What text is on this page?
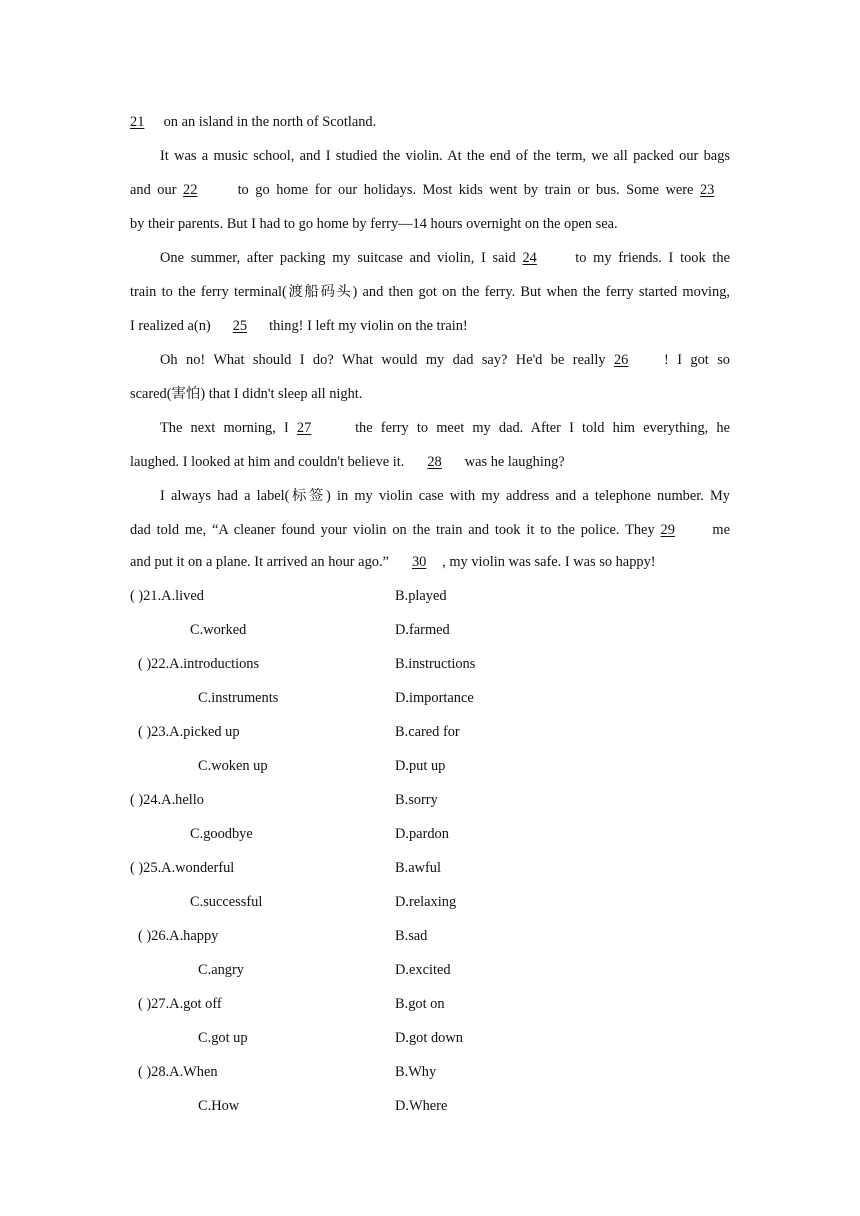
21 on an island in the north of Scotland.
It was a music school, and I studied the violin. At the end of the term, we all packed our bags
and our 22	to go home for our holidays. Most kids went by train or bus. Some were 23
by their parents. But I had to go home by ferry—14 hours overnight on the open sea.
One summer, after packing my suitcase and violin, I said 24	to my friends. I took the
train to the ferry terminal(渡船码头) and then got on the ferry. But when the ferry started moving,
I realized a(n) 25 thing! I left my violin on the train!
Oh no! What should I do? What would my dad say? He'd be really 26 ! I got so
scared(害怕) that I didn't sleep all night.
The next morning, I 27	the ferry to meet my dad. After I told him everything, he
laughed. I looked at him and couldn't believe it. 28 was he laughing?
I always had a label(标签) in my violin case with my address and a telephone number. My
dad told me, “A cleaner found your violin on the train and took it to the police. They 29	me
and put it on a plane. It arrived an hour ago.” 30 , my violin was safe. I was so happy!
( )21.A.lived	B.played
C.worked	D.farmed
( )22.A.introductions	B.instructions
C.instruments	D.importance
( )23.A.picked up	B.cared for
C.woken up	D.put up
( )24.A.hello	B.sorry
C.goodbye	D.pardon
( )25.A.wonderful	B.awful
C.successful	D.relaxing
( )26.A.happy	B.sad
C.angry	D.excited
( )27.A.got off	B.got on
C.got up	D.got down
( )28.A.When	B.Why
C.How	D.Where
